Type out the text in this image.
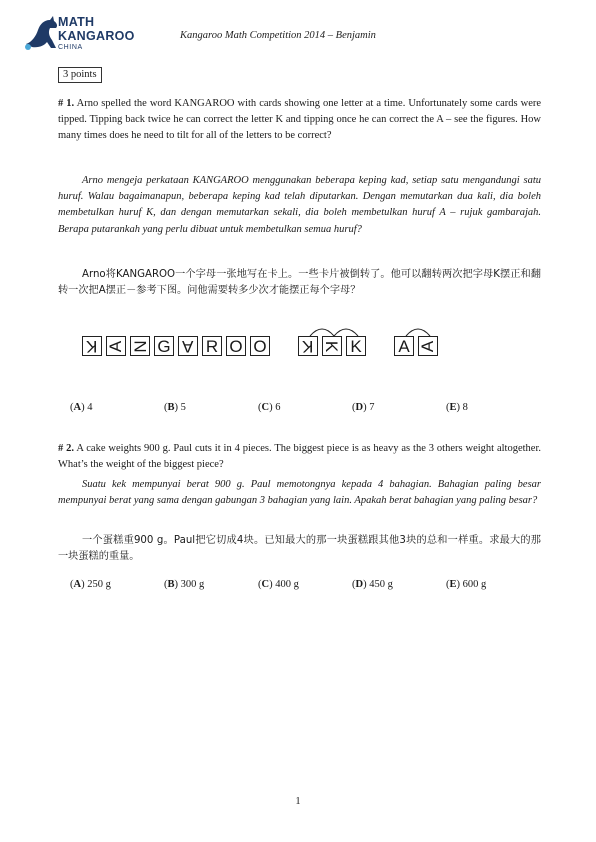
MATH
KANGAROO
CHINA
Kangaroo Math Competition 2014 – Benjamin
3 points
# 1. Arno spelled the word KANGAROO with cards showing one letter at a time. Unfortunately some cards were tipped. Tipping back twice he can correct the letter K and tipping once he can correct the A – see the figures. How many times does he need to tilt for all of the letters to be correct?
Arno mengeja perkataan KANGAROO menggunakan beberapa keping kad, setiap satu mengandungi satu huruf. Walau bagaimanapun, beberapa keping kad telah diputarkan. Dengan memutarkan dua kali, dia boleh membetulkan huruf K, dan dengan memutarkan sekali, dia boleh membetulkan huruf A – rujuk gambarajah. Berapa putarankah yang perlu dibuat untuk membetulkan semua huruf?
Arno将KANGAROO一个字母一张地写在卡上。一些卡片被倒转了。他可以翻转两次把字母K摆正和翻转一次把A摆正－参考下图。问他需要转多少次才能摆正每个字母？
K A N G A R O O K K K A A
(A) 4	(B) 5	(C) 6	(D) 7	(E) 8
# 2. A cake weights 900 g. Paul cuts it in 4 pieces. The biggest piece is as heavy as the 3 others weight altogether. What’s the weight of the biggest piece?
Suatu kek mempunyai berat 900 g. Paul memotongnya kepada 4 bahagian. Bahagian paling besar mempunyai berat yang sama dengan gabungan 3 bahagian yang lain. Apakah berat bahagian yang paling besar?
一个蛋糕重900 g。Paul把它切成4块。已知最大的那一块蛋糕跟其他3块的总和一样重。求最大的那一块蛋糕的重量。
(A) 250 g	(B) 300 g	(C) 400 g	(D) 450 g	(E) 600 g
1
